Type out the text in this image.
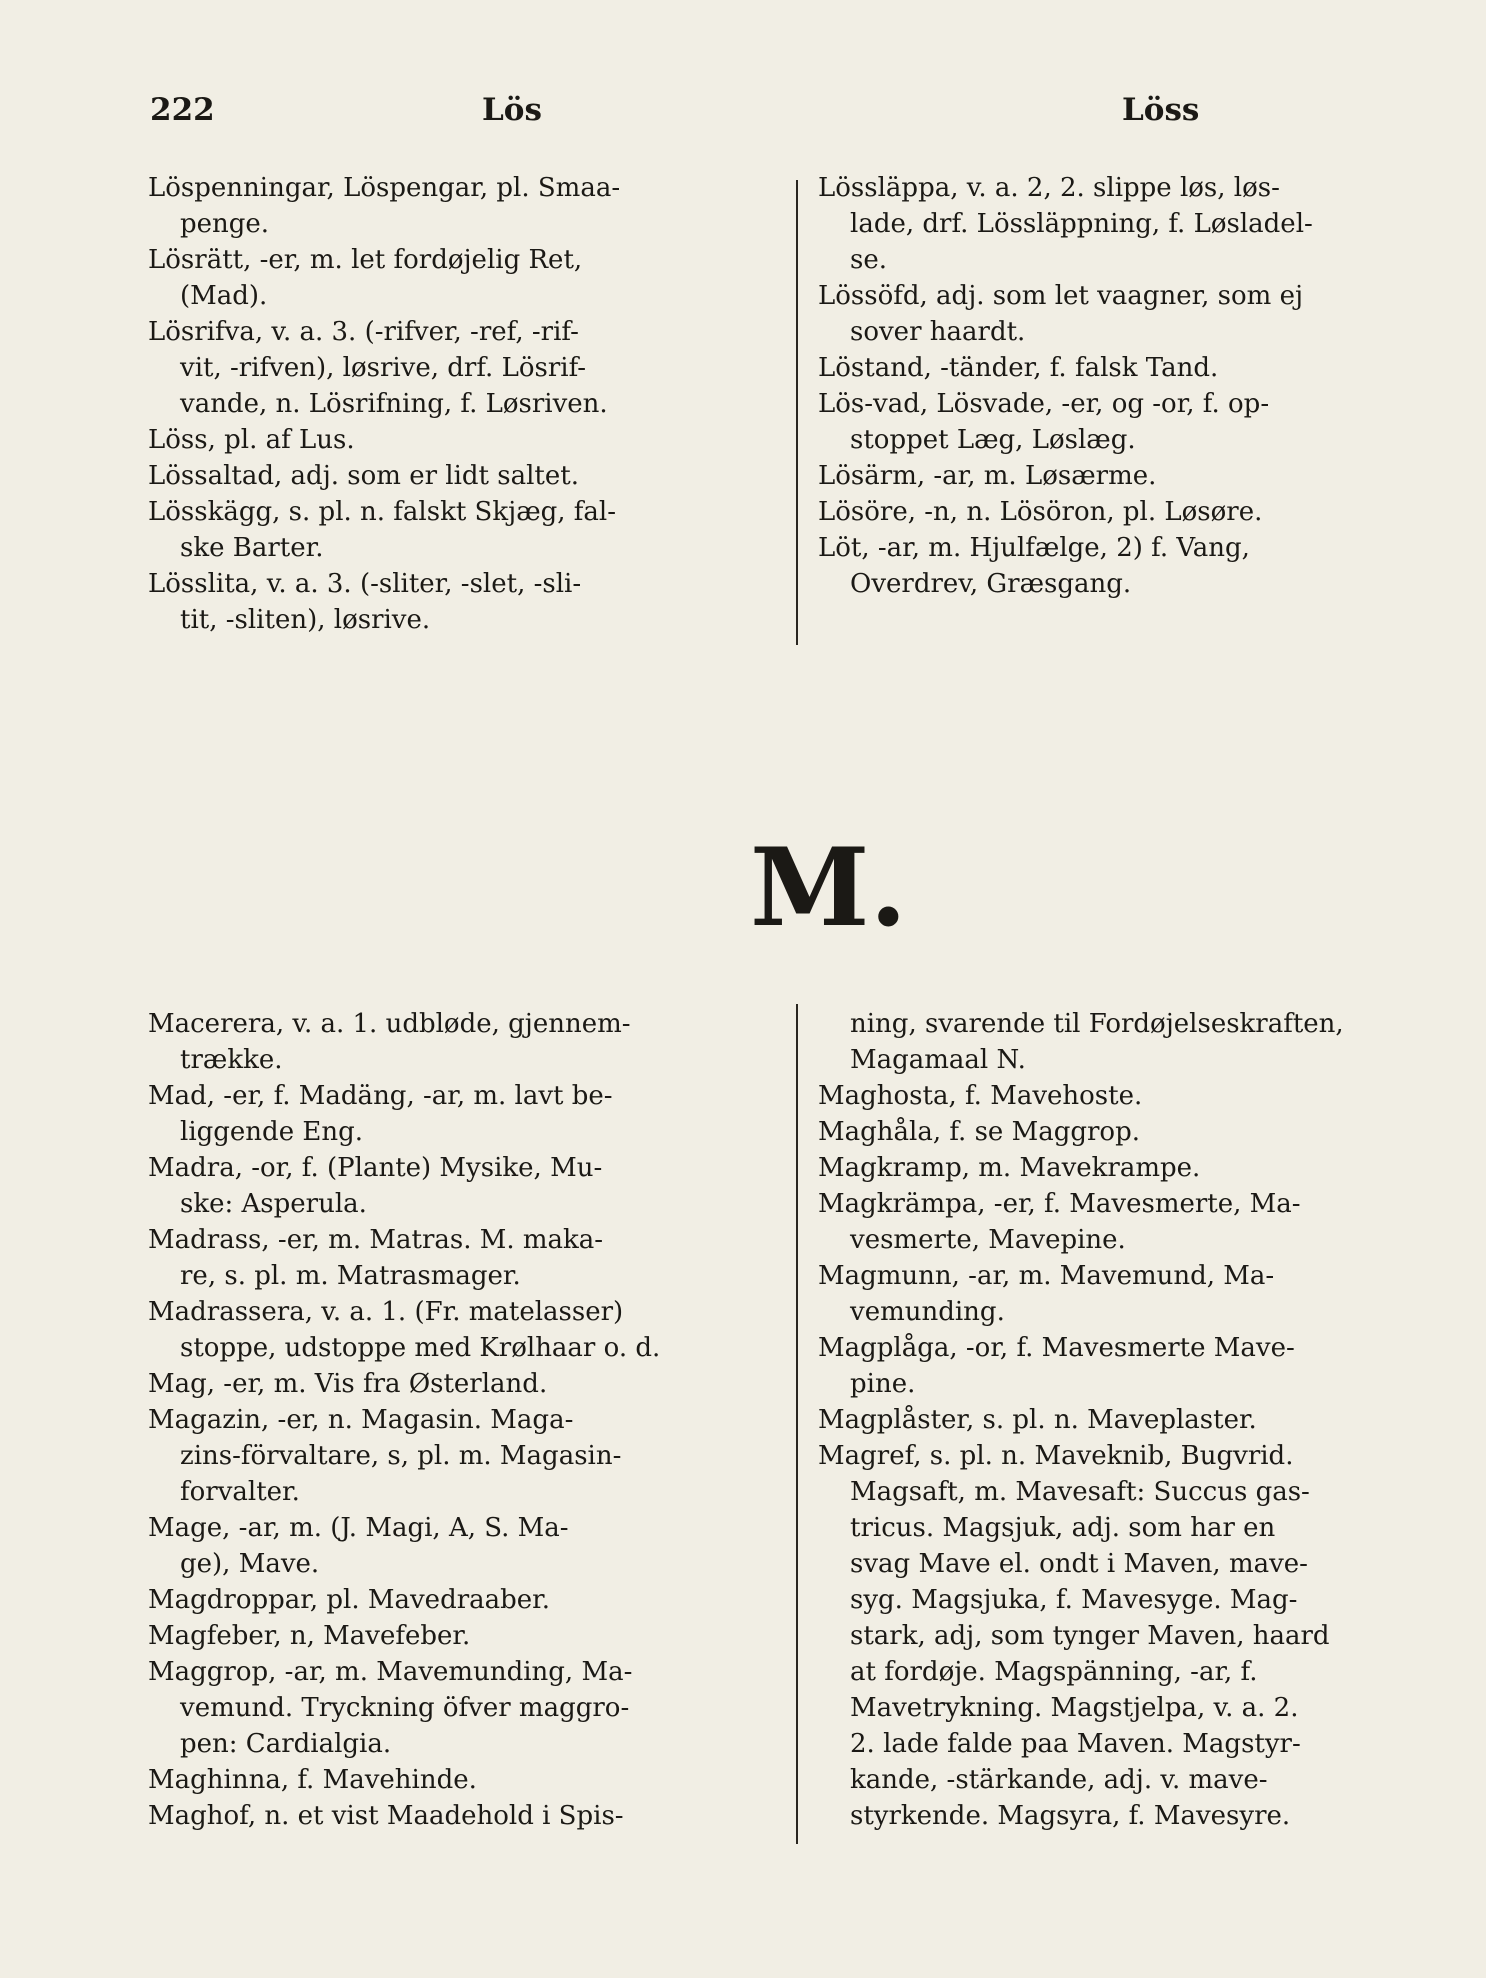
222	Lös	Löss
Löspenningar, Löspengar, pl. Smaa-
penge.
Lösrätt, -er, m. let fordøjelig Ret,
(Mad).
Lösrifva, v. a. 3. (-rifver, -ref, -rif-
vit, -rifven), løsrive, drf. Lösrif-
vande, n. Lösrifning, f. Løsriven.
Löss, pl. af Lus.
Lössaltad, adj. som er lidt saltet.
Lösskägg, s. pl. n. falskt Skjæg, fal-
ske Barter.
Lösslita, v. a. 3. (-sliter, -slet, -sli-
tit, -sliten), løsrive.
Lössläppa, v. a. 2, 2. slippe løs, løs-
lade, drf. Lössläppning, f. Løsladel-
se.
Lössöfd, adj. som let vaagner, som ej
sover haardt.
Löstand, -tänder, f. falsk Tand.
Lös-vad, Lösvade, -er, og -or, f. op-
stoppet Læg, Løslæg.
Lösärm, -ar, m. Løsærme.
Lösöre, -n, n. Lösöron, pl. Løsøre.
Löt, -ar, m. Hjulfælge, 2) f. Vang,
Overdrev, Græsgang.
M.
Macerera, v. a. 1. udbløde, gjennem-
trække.
Mad, -er, f. Madäng, -ar, m. lavt be-
liggende Eng.
Madra, -or, f. (Plante) Mysike, Mu-
ske: Asperula.
Madrass, -er, m. Matras. M. maka-
re, s. pl. m. Matrasmager.
Madrassera, v. a. 1. (Fr. matelasser)
stoppe, udstoppe med Krølhaar o. d.
Mag, -er, m. Vis fra Østerland.
Magazin, -er, n. Magasin. Maga-
zins-förvaltare, s, pl. m. Magasin-
forvalter.
Mage, -ar, m. (J. Magi, A, S. Ma-
ge), Mave.
Magdroppar, pl. Mavedraaber.
Magfeber, n, Mavefeber.
Maggrop, -ar, m. Mavemunding, Ma-
vemund. Tryckning öfver maggro-
pen: Cardialgia.
Maghinna, f. Mavehinde.
Maghof, n. et vist Maadehold i Spis-
ning, svarende til Fordøjelseskraften,
Magamaal N.
Maghosta, f. Mavehoste.
Maghåla, f. se Maggrop.
Magkramp, m. Mavekrampe.
Magkrämpa, -er, f. Mavesmerte, Ma-
vesmerte, Mavepine.
Magmunn, -ar, m. Mavemund, Ma-
vemunding.
Magplåga, -or, f. Mavesmerte Mave-
pine.
Magplåster, s. pl. n. Maveplaster.
Magref, s. pl. n. Maveknib, Bugvrid.
Magsaft, m. Mavesaft: Succus gas-
tricus. Magsjuk, adj. som har en
svag Mave el. ondt i Maven, mave-
syg. Magsjuka, f. Mavesyge. Mag-
stark, adj, som tynger Maven, haard
at fordøje. Magspänning, -ar, f.
Mavetrykning. Magstjelpa, v. a. 2.
2. lade falde paa Maven. Magstyr-
kande, -stärkande, adj. v. mave-
styrkende. Magsyra, f. Mavesyre.
